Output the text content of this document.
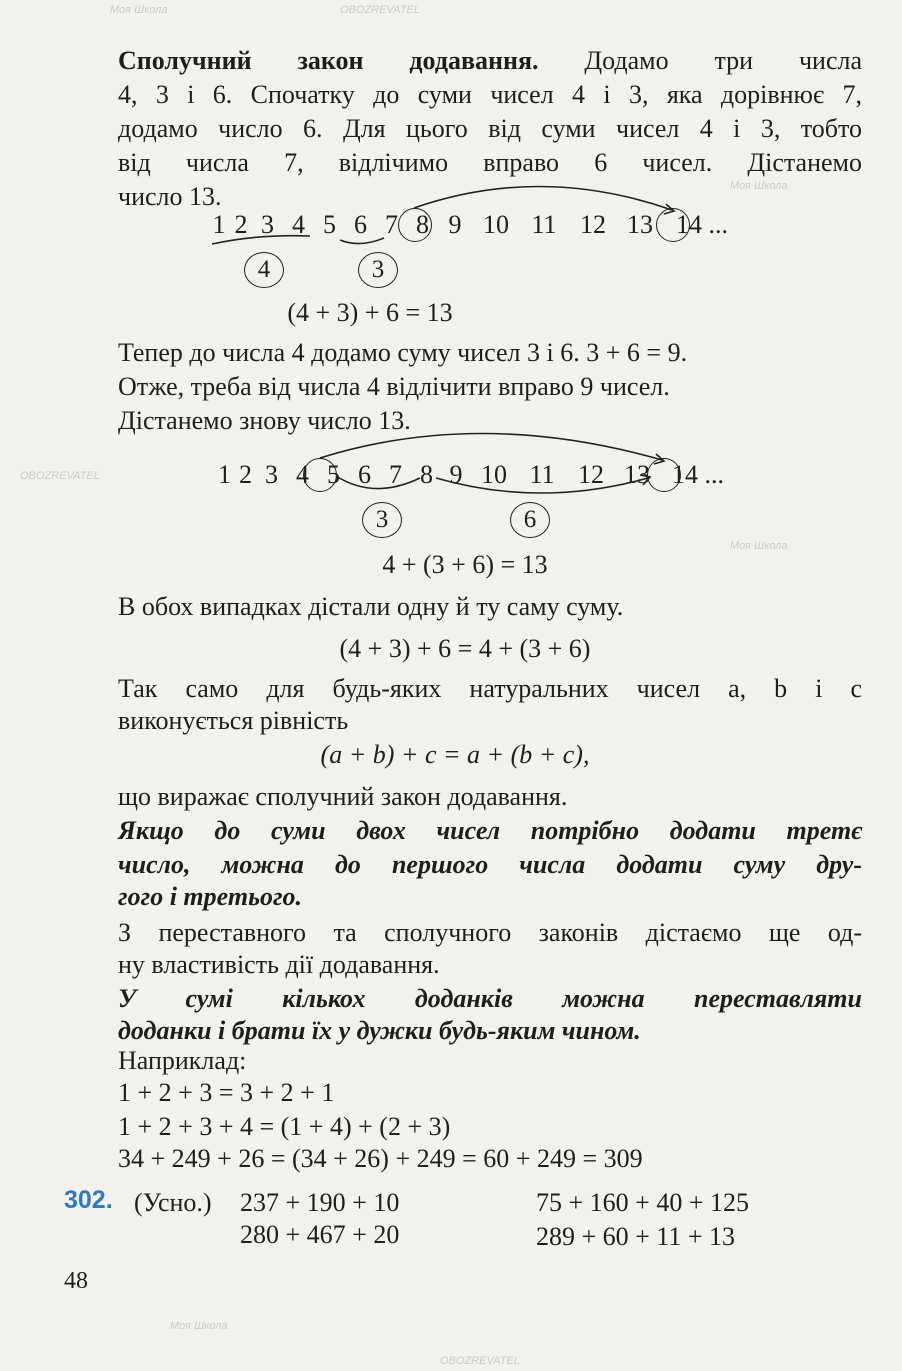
Сполучний закон додавання. Додамо три числа
4, 3 і 6. Спочатку до суми чисел 4 і 3, яка дорівнює 7,
додамо число 6. Для цього від суми чисел 4 і 3, тобто
від числа 7, відлічимо вправо 6 чисел. Дістанемо
число 13.
1 2 3 4 5 6 7 8 9 10 11 12 13 14 ...
4	3
(4 + 3) + 6 = 13
Тепер до числа 4 додамо суму чисел 3 і 6. 3 + 6 = 9.
Отже, треба від числа 4 відлічити вправо 9 чисел.
Дістанемо знову число 13.
1 2 3 4 5 6 7 8 9 10 11 12 13 14 ...
3	6
4 + (3 + 6) = 13
В обох випадках дістали одну й ту саму суму.
(4 + 3) + 6 = 4 + (3 + 6)
Так само для будь-яких натуральних чисел a, b і c
виконується рівність
(a + b) + c = a + (b + c),
що виражає сполучний закон додавання.
Якщо до суми двох чисел потрібно додати третє
число, можна до першого числа додати суму дру-
гого і третього.
З переставного та сполучного законів дістаємо ще од-
ну властивість дії додавання.
У сумі кількох доданків можна переставляти
доданки і брати їх у дужки будь-яким чином.
Наприклад:
1 + 2 + 3 = 3 + 2 + 1
1 + 2 + 3 + 4 = (1 + 4) + (2 + 3)
34 + 249 + 26 = (34 + 26) + 249 = 60 + 249 = 309
302. (Усно.)	237 + 190 + 10	75 + 160 + 40 + 125
280 + 467 + 20	289 + 60 + 11 + 13
48
Моя Школа	OBOZREVATEL
Моя Школа
OBOZREVATEL
Моя Школа
Моя Школа
OBOZREVATEL
